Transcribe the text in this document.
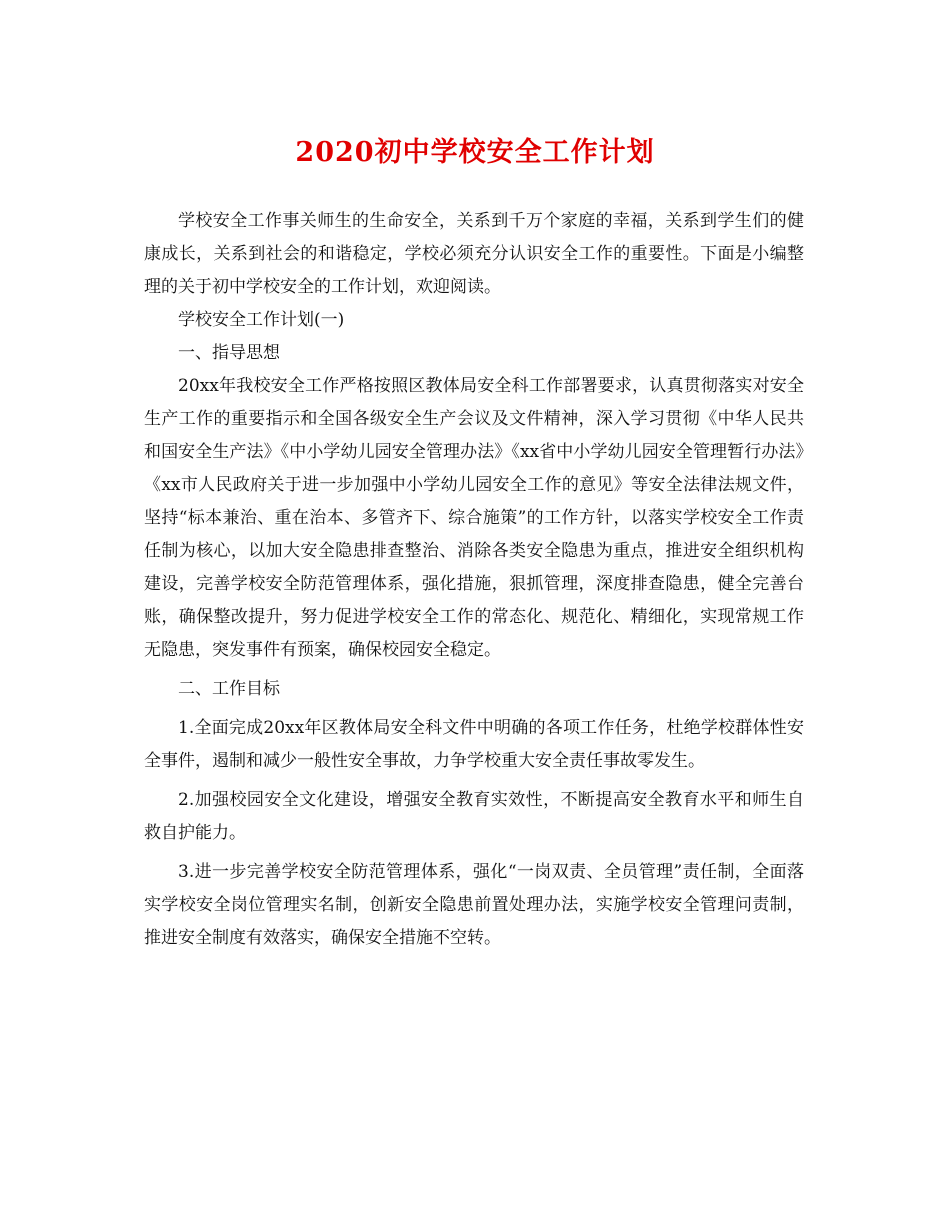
2020初中学校安全工作计划

学校安全工作事关师生的生命安全，关系到千万个家庭的幸福，关系到学生们的健康成长，关系到社会的和谐稳定，学校必须充分认识安全工作的重要性。下面是小编整理的关于初中学校安全的工作计划，欢迎阅读。

学校安全工作计划(一)

一、指导思想

20xx年我校安全工作严格按照区教体局安全科工作部署要求，认真贯彻落实对安全生产工作的重要指示和全国各级安全生产会议及文件精神，深入学习贯彻《中华人民共和国安全生产法》《中小学幼儿园安全管理办法》《xx省中小学幼儿园安全管理暂行办法》《xx市人民政府关于进一步加强中小学幼儿园安全工作的意见》等安全法律法规文件，坚持“标本兼治、重在治本、多管齐下、综合施策”的工作方针，以落实学校安全工作责任制为核心，以加大安全隐患排查整治、消除各类安全隐患为重点，推进安全组织机构建设，完善学校安全防范管理体系，强化措施，狠抓管理，深度排查隐患，健全完善台账，确保整改提升，努力促进学校安全工作的常态化、规范化、精细化，实现常规工作无隐患，突发事件有预案，确保校园安全稳定。

二、工作目标

1.全面完成20xx年区教体局安全科文件中明确的各项工作任务，杜绝学校群体性安全事件，遏制和减少一般性安全事故，力争学校重大安全责任事故零发生。

2.加强校园安全文化建设，增强安全教育实效性，不断提高安全教育水平和师生自救自护能力。

3.进一步完善学校安全防范管理体系，强化“一岗双责、全员管理”责任制，全面落实学校安全岗位管理实名制，创新安全隐患前置处理办法，实施学校安全管理问责制，推进安全制度有效落实，确保安全措施不空转。
